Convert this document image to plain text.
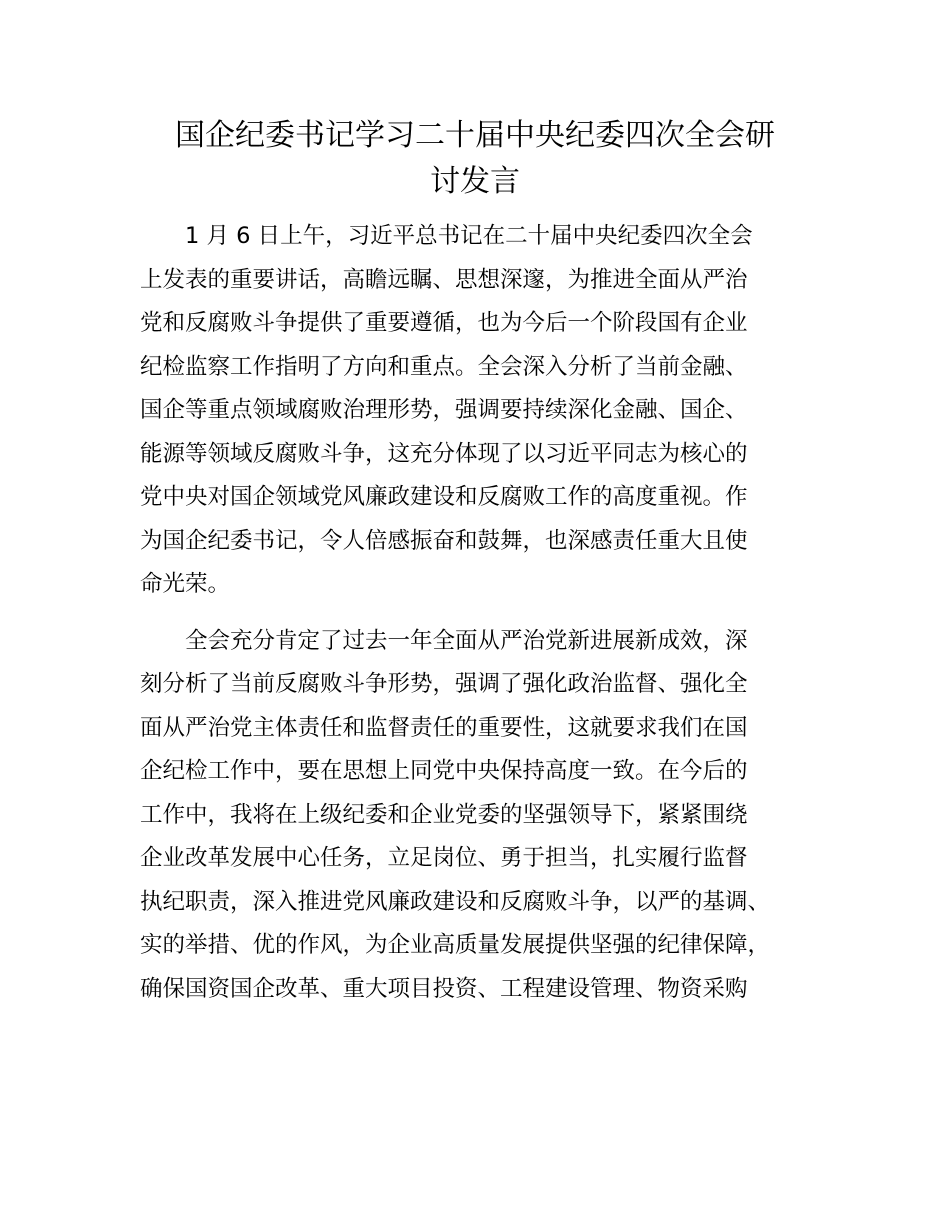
国企纪委书记学习二十届中央纪委四次全会研
讨发言

　　1 月 6 日上午，习近平总书记在二十届中央纪委四次全会
上发表的重要讲话，高瞻远瞩、思想深邃，为推进全面从严治
党和反腐败斗争提供了重要遵循，也为今后一个阶段国有企业
纪检监察工作指明了方向和重点。全会深入分析了当前金融、
国企等重点领域腐败治理形势，强调要持续深化金融、国企、
能源等领域反腐败斗争，这充分体现了以习近平同志为核心的
党中央对国企领域党风廉政建设和反腐败工作的高度重视。作
为国企纪委书记，令人倍感振奋和鼓舞，也深感责任重大且使
命光荣。

　　全会充分肯定了过去一年全面从严治党新进展新成效，深
刻分析了当前反腐败斗争形势，强调了强化政治监督、强化全
面从严治党主体责任和监督责任的重要性，这就要求我们在国
企纪检工作中，要在思想上同党中央保持高度一致。在今后的
工作中，我将在上级纪委和企业党委的坚强领导下，紧紧围绕
企业改革发展中心任务，立足岗位、勇于担当，扎实履行监督
执纪职责，深入推进党风廉政建设和反腐败斗争，以严的基调、
实的举措、优的作风，为企业高质量发展提供坚强的纪律保障，
确保国资国企改革、重大项目投资、工程建设管理、物资采购
